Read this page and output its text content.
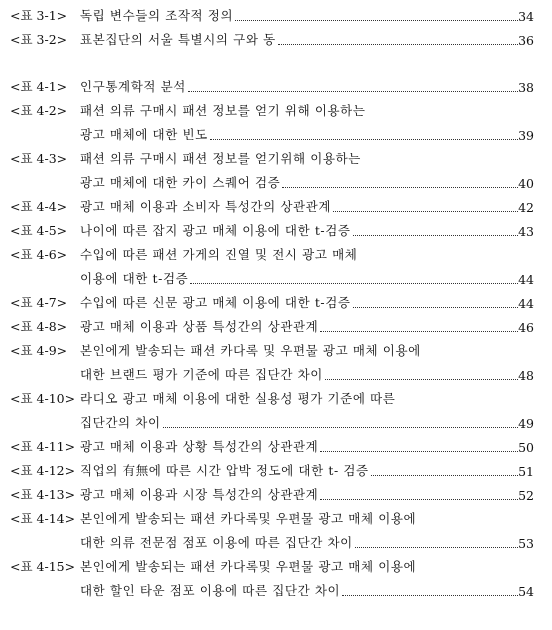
<표 3-1> 독립 변수들의 조작적 정의	34
<표 3-2> 표본집단의 서울 특별시의 구와 동	36
<표 4-1> 인구통계학적 분석	38
<표 4-2> 패션 의류 구매시 패션 정보를 얻기 위해 이용하는
광고 매체에 대한 빈도	39
<표 4-3> 패션 의류 구매시 패션 정보를 얻기위해 이용하는
광고 매체에 대한 카이 스퀘어 검증	40
<표 4-4> 광고 매체 이용과 소비자 특성간의 상관관계	42
<표 4-5> 나이에 따른 잡지 광고 매체 이용에 대한 t-검증	43
<표 4-6> 수입에 따른 패션 가게의 진열 및 전시 광고 매체
이용에 대한 t-검증	44
<표 4-7> 수입에 따른 신문 광고 매체 이용에 대한 t-검증	44
<표 4-8> 광고 매체 이용과 상품 특성간의 상관관계	46
<표 4-9> 본인에게 발송되는 패션 카다록 및 우편물 광고 매체 이용에
대한 브랜드 평가 기준에 따른 집단간 차이	48
<표 4-10> 라디오 광고 매체 이용에 대한 실용성 평가 기준에 따른
집단간의 차이	49
<표 4-11> 광고 매체 이용과 상황 특성간의 상관관계	50
<표 4-12> 직업의 有無에 따른 시간 압박 정도에 대한 t- 검증	51
<표 4-13> 광고 매체 이용과 시장 특성간의 상관관계	52
<표 4-14> 본인에게 발송되는 패션 카다록및 우편물 광고 매체 이용에
대한 의류 전문점 점포 이용에 따른 집단간 차이	53
<표 4-15> 본인에게 발송되는 패션 카다록및 우편물 광고 매체 이용에
대한 할인 타운 점포 이용에 따른 집단간 차이	54
